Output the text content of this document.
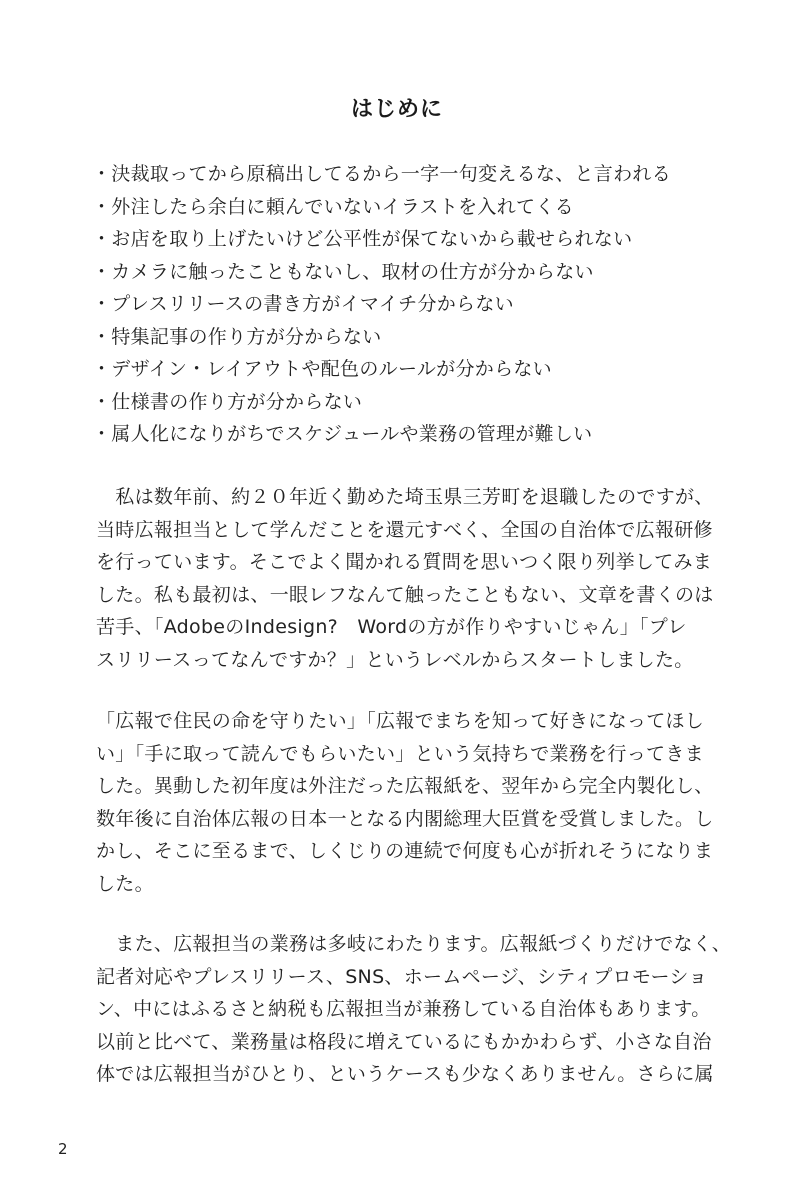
はじめに
・決裁取ってから原稿出してるから一字一句変えるな、と言われる
・外注したら余白に頼んでいないイラストを入れてくる
・お店を取り上げたいけど公平性が保てないから載せられない
・カメラに触ったこともないし、取材の仕方が分からない
・プレスリリースの書き方がイマイチ分からない
・特集記事の作り方が分からない
・デザイン・レイアウトや配色のルールが分からない
・仕様書の作り方が分からない
・属人化になりがちでスケジュールや業務の管理が難しい
　私は数年前、約２０年近く勤めた埼玉県三芳町を退職したのですが、
当時広報担当として学んだことを還元すべく、全国の自治体で広報研修
を行っています。そこでよく聞かれる質問を思いつく限り列挙してみま
した。私も最初は、一眼レフなんて触ったこともない、文章を書くのは
苦手、「AdobeのIndesign?　Wordの方が作りやすいじゃん」「プレ
スリリースってなんですか？」というレベルからスタートしました。
「広報で住民の命を守りたい」「広報でまちを知って好きになってほし
い」「手に取って読んでもらいたい」という気持ちで業務を行ってきま
した。異動した初年度は外注だった広報紙を、翌年から完全内製化し、
数年後に自治体広報の日本一となる内閣総理大臣賞を受賞しました。し
かし、そこに至るまで、しくじりの連続で何度も心が折れそうになりま
した。
　また、広報担当の業務は多岐にわたります。広報紙づくりだけでなく、
記者対応やプレスリリース、SNS、ホームページ、シティプロモーショ
ン、中にはふるさと納税も広報担当が兼務している自治体もあります。
以前と比べて、業務量は格段に増えているにもかかわらず、小さな自治
体では広報担当がひとり、というケースも少なくありません。さらに属
2
